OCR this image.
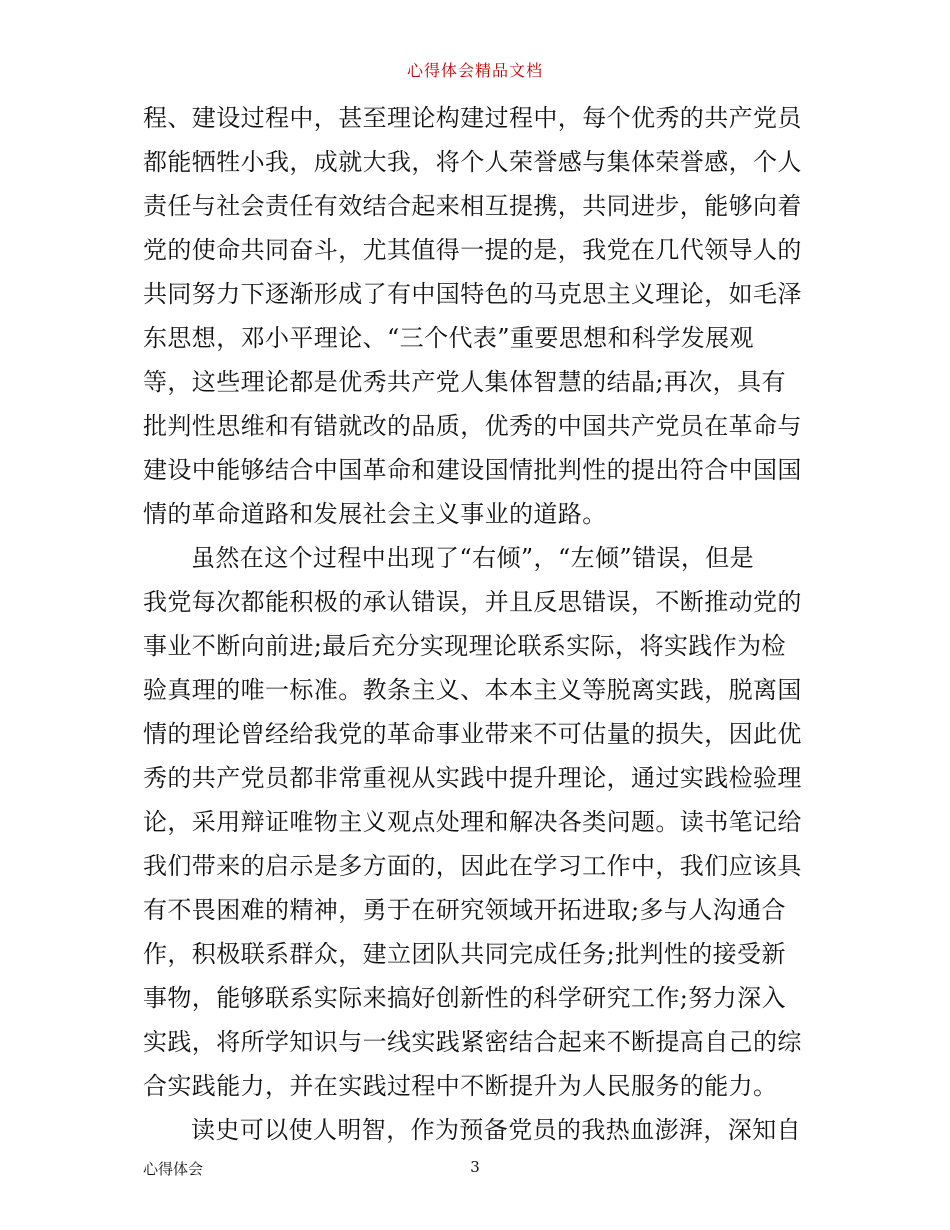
心得体会精品文档
程、建设过程中，甚至理论构建过程中，每个优秀的共产党员
都能牺牲小我，成就大我，将个人荣誉感与集体荣誉感，个人
责任与社会责任有效结合起来相互提携，共同进步，能够向着
党的使命共同奋斗，尤其值得一提的是，我党在几代领导人的
共同努力下逐渐形成了有中国特色的马克思主义理论，如毛泽
东思想，邓小平理论、“三个代表”重要思想和科学发展观
等，这些理论都是优秀共产党人集体智慧的结晶;再次，具有
批判性思维和有错就改的品质，优秀的中国共产党员在革命与
建设中能够结合中国革命和建设国情批判性的提出符合中国国
情的革命道路和发展社会主义事业的道路。
虽然在这个过程中出现了“右倾”，“左倾”错误，但是
我党每次都能积极的承认错误，并且反思错误，不断推动党的
事业不断向前进;最后充分实现理论联系实际，将实践作为检
验真理的唯一标准。教条主义、本本主义等脱离实践，脱离国
情的理论曾经给我党的革命事业带来不可估量的损失，因此优
秀的共产党员都非常重视从实践中提升理论，通过实践检验理
论，采用辩证唯物主义观点处理和解决各类问题。读书笔记给
我们带来的启示是多方面的，因此在学习工作中，我们应该具
有不畏困难的精神，勇于在研究领域开拓进取;多与人沟通合
作，积极联系群众，建立团队共同完成任务;批判性的接受新
事物，能够联系实际来搞好创新性的科学研究工作;努力深入
实践，将所学知识与一线实践紧密结合起来不断提高自己的综
合实践能力，并在实践过程中不断提升为人民服务的能力。
读史可以使人明智，作为预备党员的我热血澎湃，深知自
心得体会	3
